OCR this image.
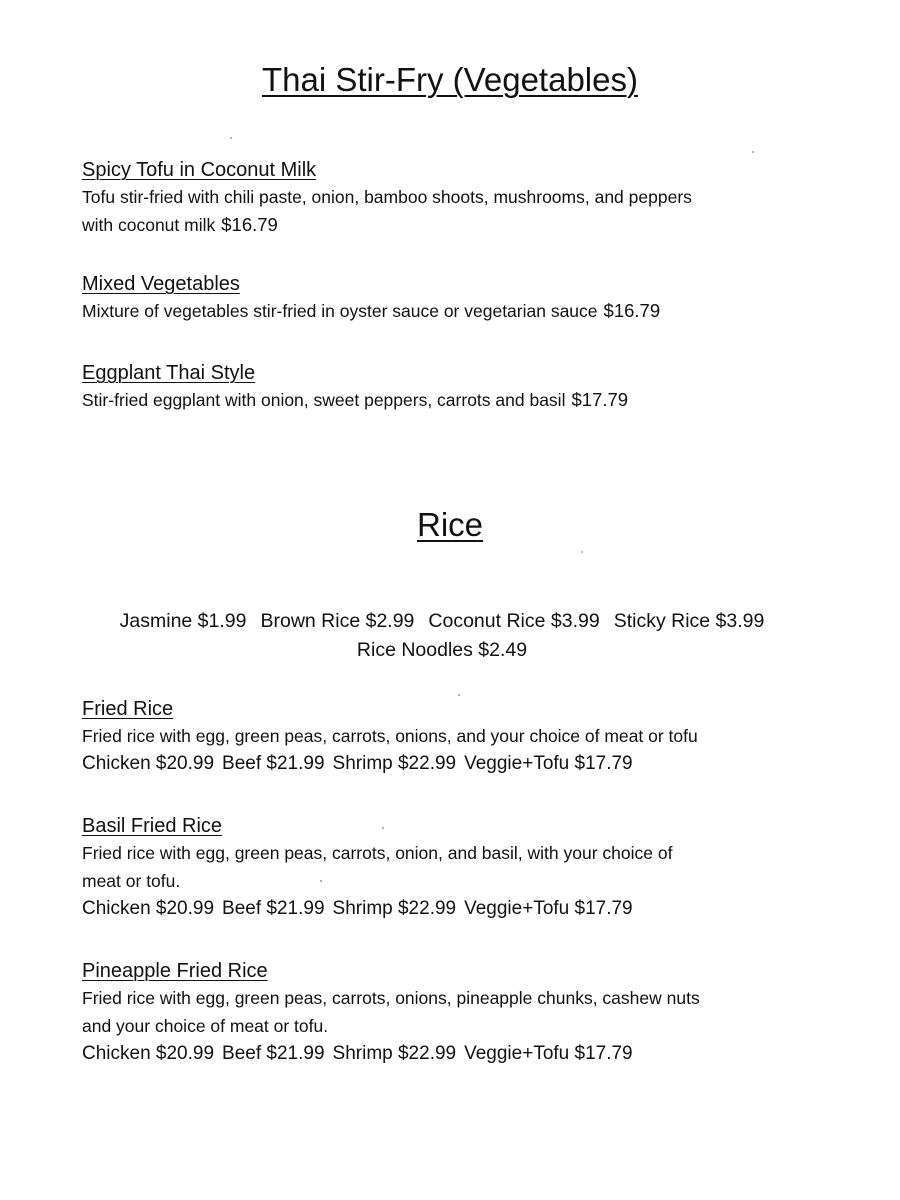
Thai Stir-Fry (Vegetables)
Spicy Tofu in Coconut Milk
Tofu stir-fried with chili paste, onion, bamboo shoots, mushrooms, and peppers
with coconut milk $16.79
Mixed Vegetables
Mixture of vegetables stir-fried in oyster sauce or vegetarian sauce $16.79
Eggplant Thai Style
Stir-fried eggplant with onion, sweet peppers, carrots and basil $17.79
Rice
Jasmine $1.99 Brown Rice $2.99 Coconut Rice $3.99 Sticky Rice $3.99
Rice Noodles $2.49
Fried Rice
Fried rice with egg, green peas, carrots, onions, and your choice of meat or tofu
Chicken $20.99 Beef $21.99 Shrimp $22.99 Veggie+Tofu $17.79
Basil Fried Rice
Fried rice with egg, green peas, carrots, onion, and basil, with your choice of
meat or tofu.
Chicken $20.99 Beef $21.99 Shrimp $22.99 Veggie+Tofu $17.79
Pineapple Fried Rice
Fried rice with egg, green peas, carrots, onions, pineapple chunks, cashew nuts
and your choice of meat or tofu.
Chicken $20.99 Beef $21.99 Shrimp $22.99 Veggie+Tofu $17.79
